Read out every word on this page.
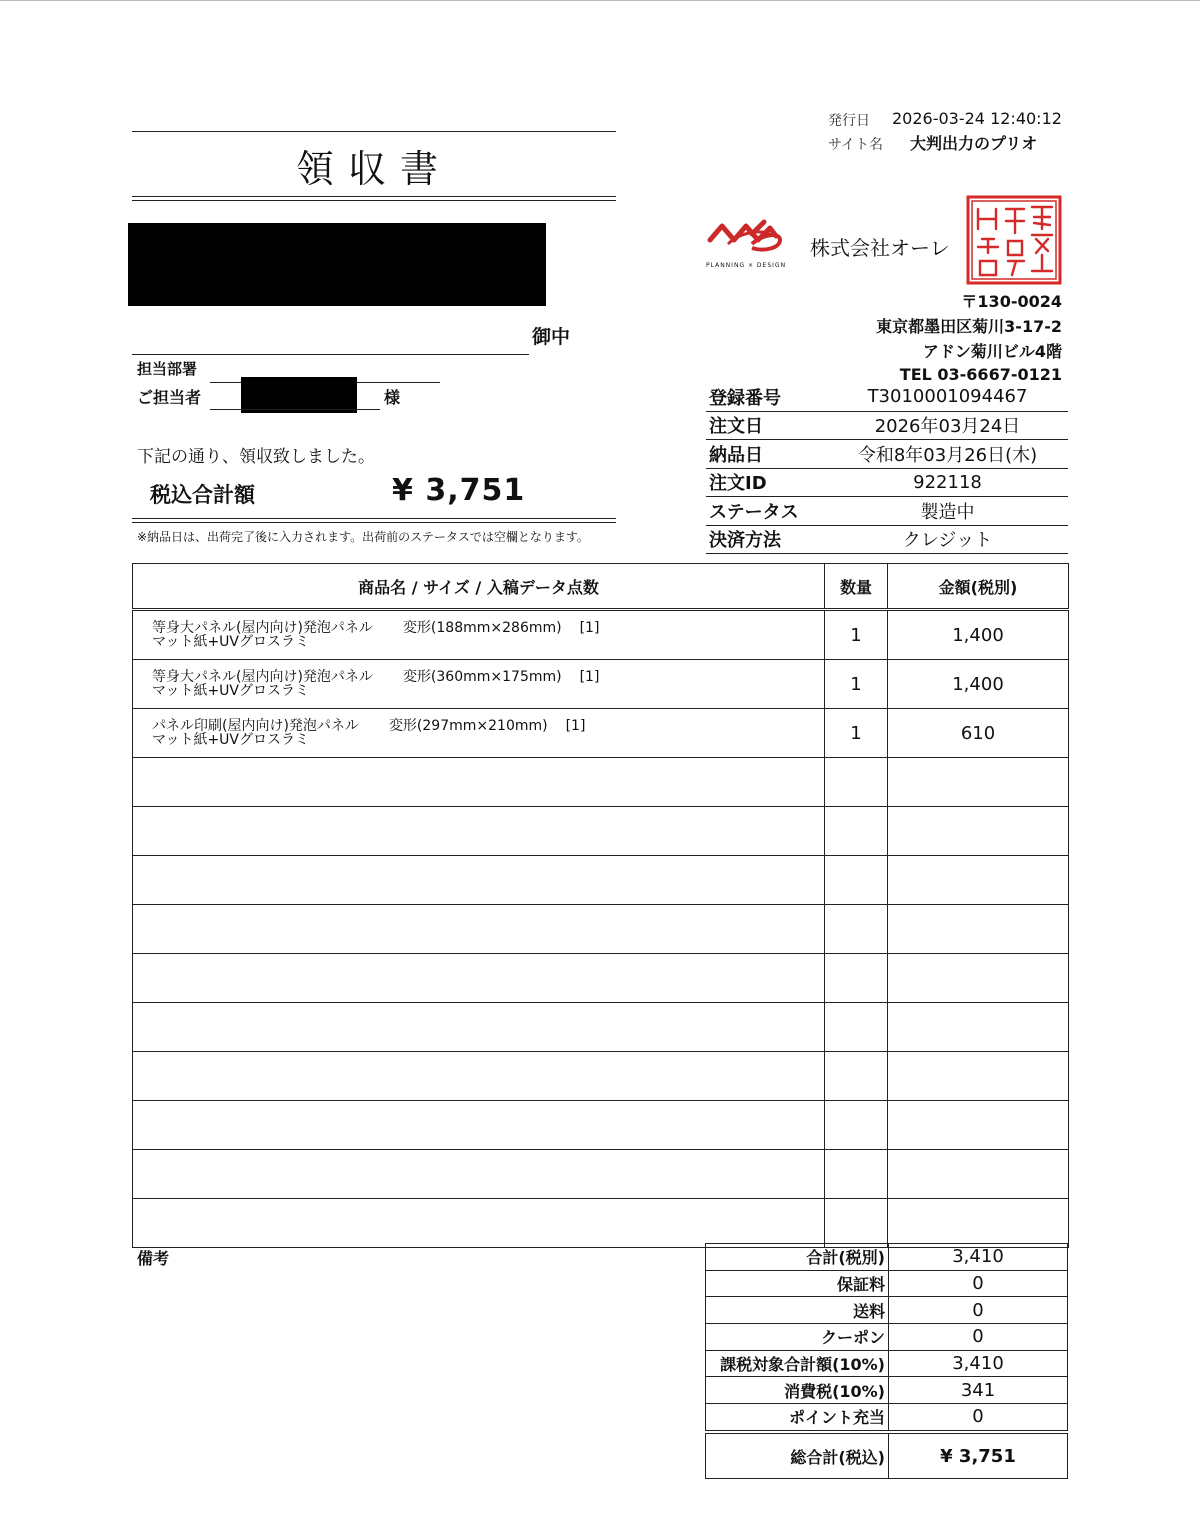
領収書
発行日 2026-03-24 12:40:12
サイト名 大判出力のプリオ
御中
担当部署
ご担当者	様
下記の通り、領収致しました。
税込合計額	¥ 3,751
※納品日は、出荷完了後に入力されます。出荷前のステータスでは空欄となります。
PLANNING × DESIGN
株式会社オーレ
〒130-0024
東京都墨田区菊川3-17-2
アドン菊川ビル4階
TEL 03-6667-0121
登録番号	T3010001094467
注文日	2026年03月24日
納品日	令和8年03月26日(木)
注文ID	922118
ステータス	製造中
決済方法	クレジット
商品名 / サイズ / 入稿データ点数	数量	金額(税別)

等身大パネル(屋内向け)発泡パネル 変形(188mm×286mm) [1]
マット紙+UVグロスラミ	1	1,400

等身大パネル(屋内向け)発泡パネル 変形(360mm×175mm) [1]
マット紙+UVグロスラミ	1	1,400

パネル印刷(屋内向け)発泡パネル 変形(297mm×210mm) [1]
マット紙+UVグロスラミ	1	610

備考	合計(税別)	3,410
保証料	0
送料	0
クーポン	0
課税対象合計額(10%)	3,410
消費税(10%)	341
ポイント充当	0
総合計(税込)	¥ 3,751
